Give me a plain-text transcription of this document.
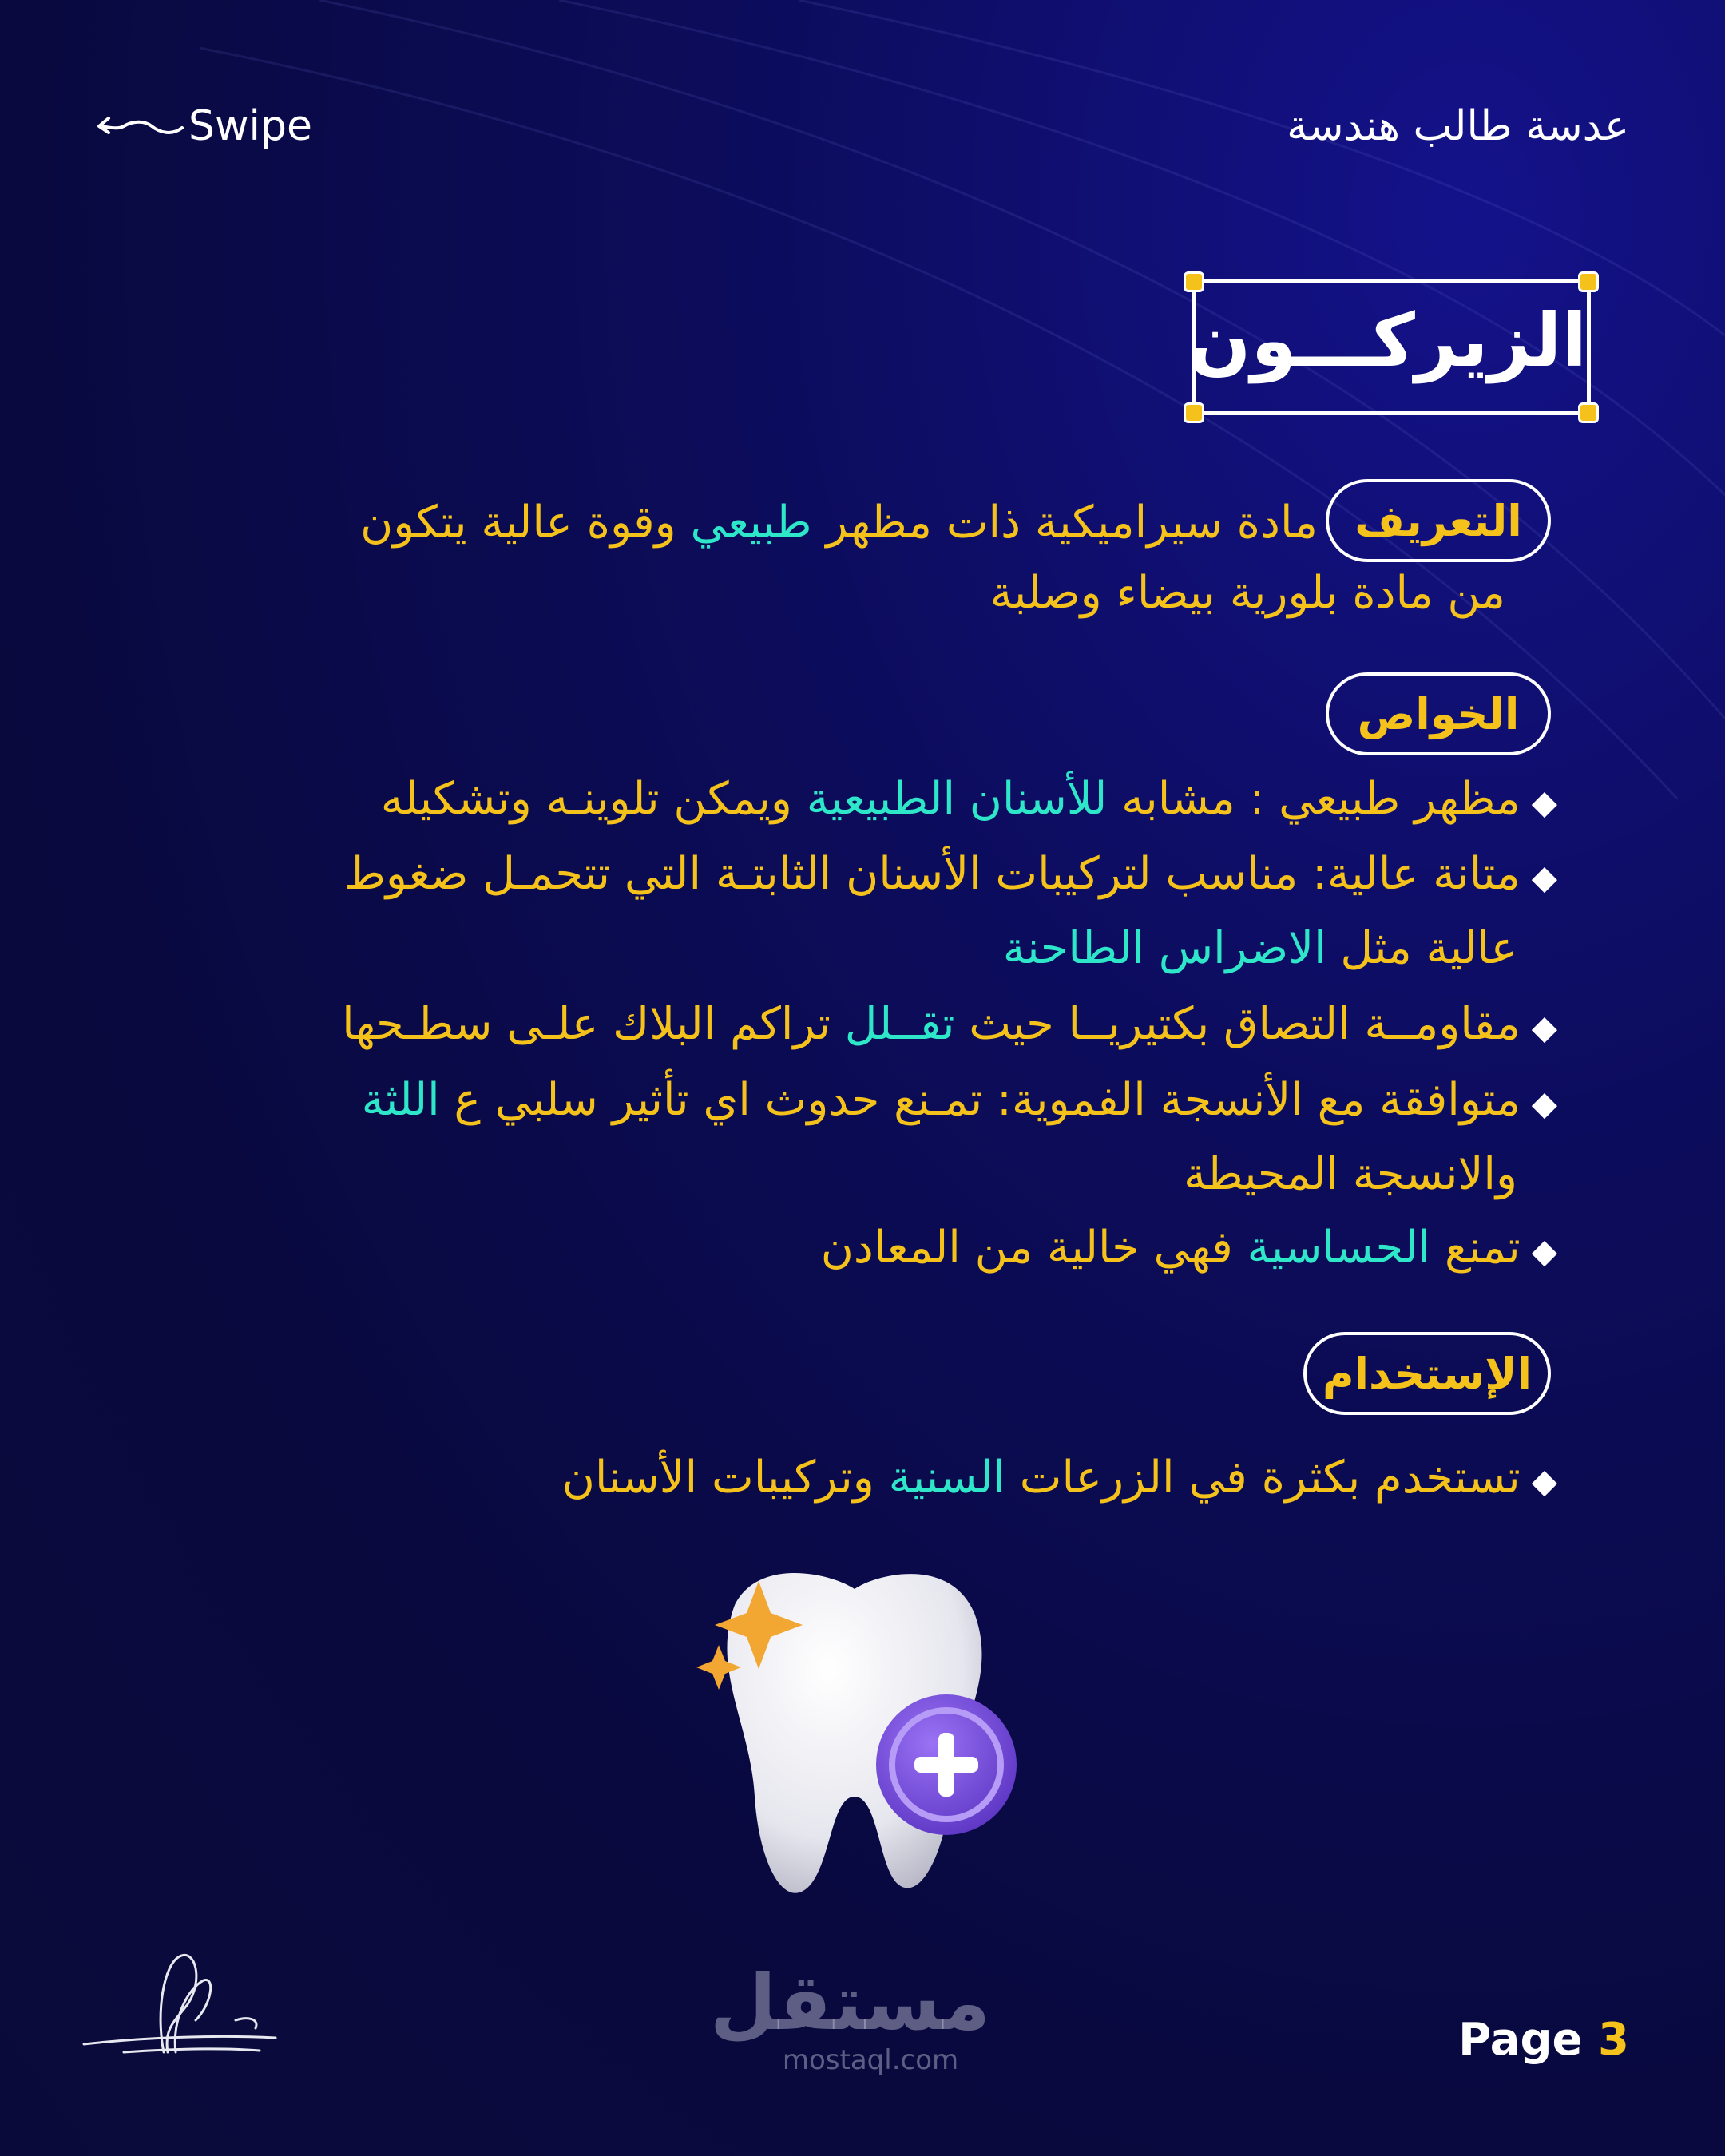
Swipe	عدسة طالب هندسة
الزيركـــون
التعريف
مادة سيراميكية ذات مظهر طبيعي وقوة عالية يتكون
من مادة بلورية بيضاء وصلبة
الخواص
◆مظهر طبيعي : مشابه للأسنان الطبيعية ويمكن تلوينـه وتشكيله
◆متانة عالية: مناسب لتركيبات الأسنان الثابتـة التي تتحمـل ضغوط
عالية مثل الاضراس الطاحنة
◆مقاومــة التصاق بكتيريــا حيث تقــلل تراكم البلاك علـى سطـحها
◆متوافقة مع الأنسجة الفموية: تمـنع حدوث اي تأثير سلبي ع اللثة
والانسجة المحيطة
◆تمنع الحساسية فهي خالية من المعادن
الإستخدام
◆تستخدم بكثرة في الزرعات السنية وتركيبات الأسنان
مستقل
mostaql.com	Page 3
